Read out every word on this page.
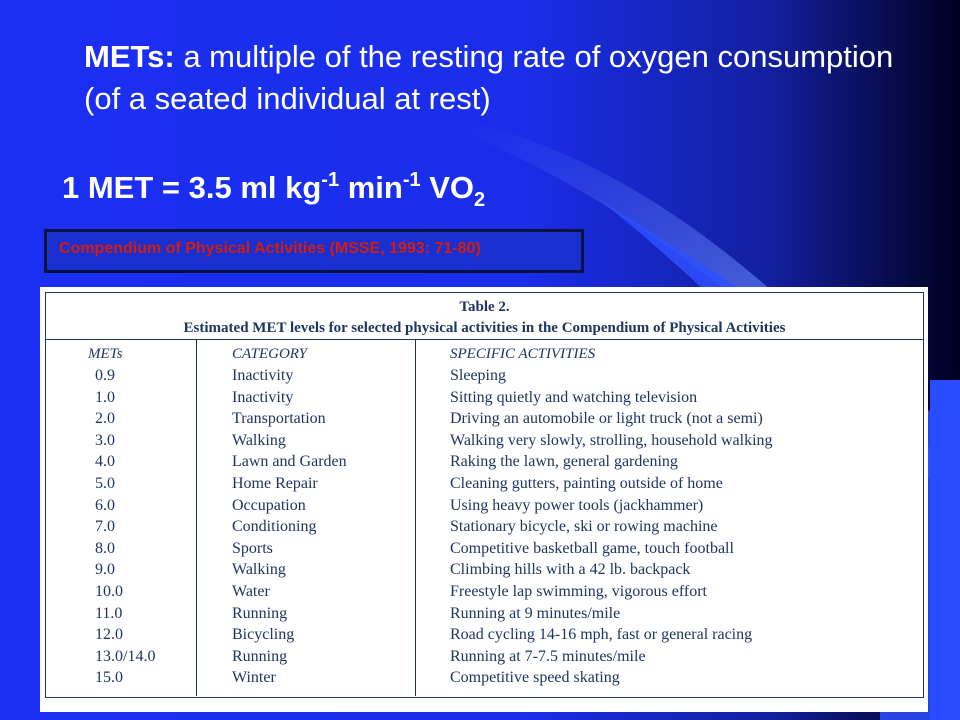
METs: a multiple of the resting rate of oxygen consumption (of a seated individual at rest)
1 MET = 3.5 ml $kg^{-1}$ $\min^{-1} VO_2$
Compendium of Physical Activities (MSSE, 1993: 71-80)
Table 2.
Estimated MET levels for selected physical activities in the Compendium of Physical Activities
METs	CATEGORY	SPECIFIC ACTIVITIES
0.9	Inactivity	Sleeping
1.0	Inactivity	Sitting quietly and watching television
2.0	Transportation	Driving an automobile or light truck (not a semi)
3.0	Walking	Walking very slowly, strolling, household walking
4.0	Lawn and Garden	Raking the lawn, general gardening
5.0	Home Repair	Cleaning gutters, painting outside of home
6.0	Occupation	Using heavy power tools (jackhammer)
7.0	Conditioning	Stationary bicycle, ski or rowing machine
8.0	Sports	Competitive basketball game, touch football
9.0	Walking	Climbing hills with a 42 lb. backpack
10.0	Water	Freestyle lap swimming, vigorous effort
11.0	Running	Running at 9 minutes/mile
12.0	Bicycling	Road cycling 14-16 mph, fast or general racing
13.0/14.0	Running	Running at 7-7.5 minutes/mile
15.0	Winter	Competitive speed skating
